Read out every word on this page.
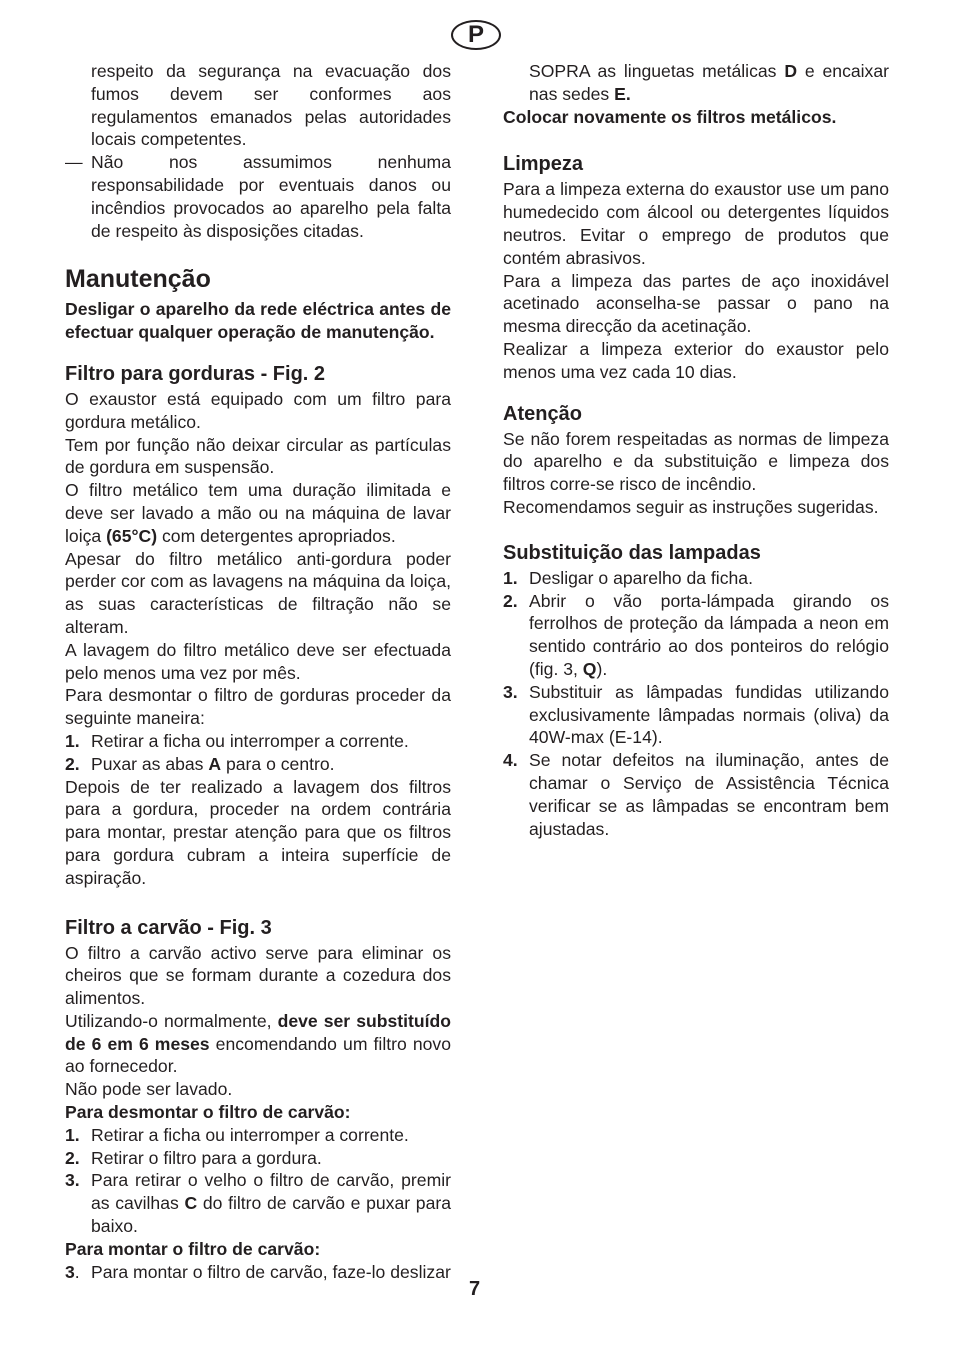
P

respeito da segurança na evacuação dos fumos devem ser conformes aos regulamentos emanados pelas autoridades locais competentes.

— Não nos assumimos nenhuma responsabilidade por eventuais danos ou incêndios provocados ao aparelho pela falta de respeito às disposições citadas.

Manutenção

Desligar o aparelho da rede eléctrica antes de efectuar qualquer operação de manutenção.

Filtro para gorduras - Fig. 2

O exaustor está equipado com um filtro para gordura metálico.

Tem por função não deixar circular as partículas de gordura em suspensão.

O filtro metálico tem uma duração ilimitada e deve ser lavado a mão ou na máquina de lavar loiça (65°C) com detergentes apropriados.

Apesar do filtro metálico anti-gordura poder perder cor com as lavagens na máquina da loiça, as suas características de filtração não se alteram.

A lavagem do filtro metálico deve ser efectuada pelo menos uma vez por mês.

Para desmontar o filtro de gorduras proceder da seguinte maneira:

1. Retirar a ficha ou interromper a corrente.

2. Puxar as abas A para o centro.

Depois de ter realizado a lavagem dos filtros para a gordura, proceder na ordem contrária para montar, prestar atenção para que os filtros para gordura cubram a inteira superfície de aspiração.

Filtro a carvão - Fig. 3

O filtro a carvão activo serve para eliminar os cheiros que se formam durante a cozedura dos alimentos.

Utilizando-o normalmente, deve ser substituído de 6 em 6 meses encomendando um filtro novo ao fornecedor.

Não pode ser lavado.

Para desmontar o filtro de carvão:

1. Retirar a ficha ou interromper a corrente.

2. Retirar o filtro para a gordura.

3. Para retirar o velho o filtro de carvão, premir as cavilhas C do filtro de carvão e puxar para baixo.

Para montar o filtro de carvão:

3. Para montar o filtro de carvão, faze-lo deslizar

SOPRA as linguetas metálicas D e encaixar nas sedes E.

Colocar novamente os filtros metálicos.

Limpeza

Para a limpeza externa do exaustor use um pano humedecido com álcool ou detergentes líquidos neutros. Evitar o emprego de produtos que contém abrasivos.

Para a limpeza das partes de aço inoxidável acetinado aconselha-se passar o pano na mesma direcção da acetinação.

Realizar a limpeza exterior do exaustor pelo menos uma vez cada 10 dias.

Atenção

Se não forem respeitadas as normas de limpeza do aparelho e da substituição e limpeza dos filtros corre-se risco de incêndio.

Recomendamos seguir as instruções sugeridas.

Substituição das lampadas

1. Desligar o aparelho da ficha.

2. Abrir o vão porta-lámpada girando os ferrolhos de proteção da lámpada a neon em sentido contrário ao dos ponteiros do relógio (fig. 3, Q).

3. Substituir as lâmpadas fundidas utilizando exclusivamente lâmpadas normais (oliva) da 40W-max (E-14).

4. Se notar defeitos na iluminação, antes de chamar o Serviço de Assistência Técnica verificar se as lâmpadas se encontram bem ajustadas.

7
